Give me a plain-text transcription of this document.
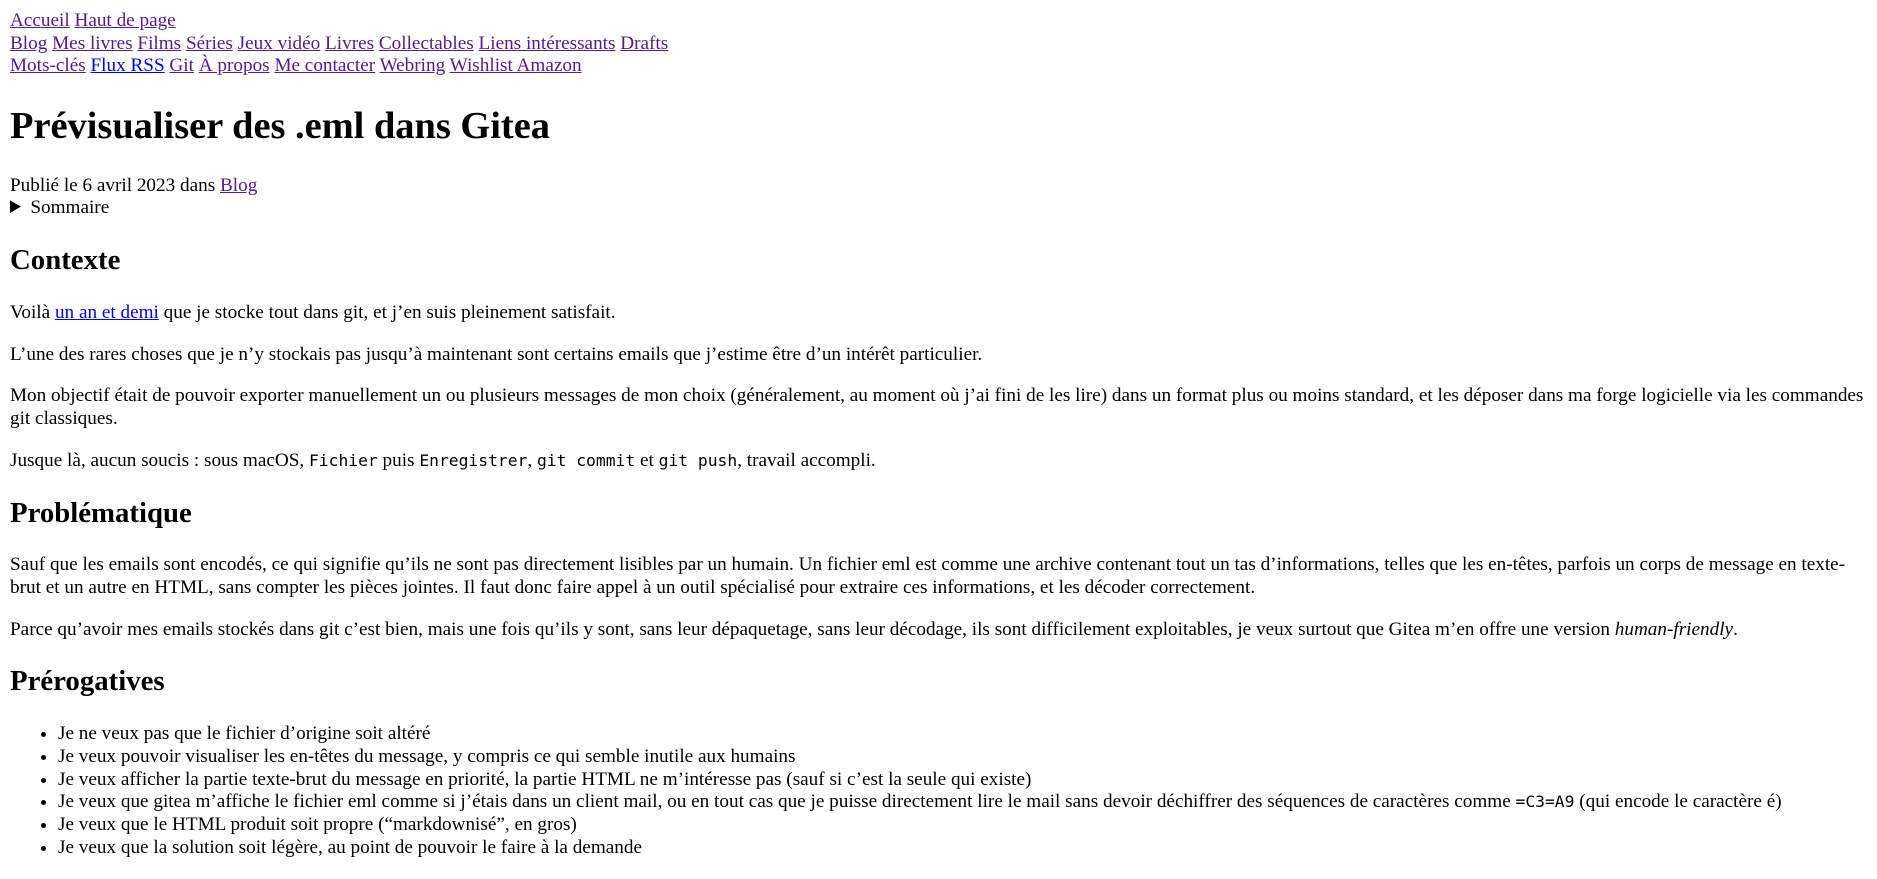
Accueil Haut de page
Blog Mes livres Films Séries Jeux vidéo Livres Collectables Liens intéressants Drafts
Mots-clés Flux RSS Git À propos Me contacter Webring Wishlist Amazon
Prévisualiser des .eml dans Gitea

Publié le 6 avril 2023 dans Blog

Sommaire
Contexte

Voilà un an et demi que je stocke tout dans git, et j’en suis pleinement satisfait.

L’une des rares choses que je n’y stockais pas jusqu’à maintenant sont certains emails que j’estime être d’un intérêt particulier.

Mon objectif était de pouvoir exporter manuellement un ou plusieurs messages de mon choix (généralement, au moment où j’ai fini de les lire) dans un format plus ou moins standard, et les déposer dans ma forge logicielle via les commandes git classiques.

Jusque là, aucun soucis : sous macOS, Fichier puis Enregistrer, git commit et git push, travail accompli.

Problématique

Sauf que les emails sont encodés, ce qui signifie qu’ils ne sont pas directement lisibles par un humain. Un fichier eml est comme une archive contenant tout un tas d’informations, telles que les en-têtes, parfois un corps de message en texte-brut et un autre en HTML, sans compter les pièces jointes. Il faut donc faire appel à un outil spécialisé pour extraire ces informations, et les décoder correctement.

Parce qu’avoir mes emails stockés dans git c’est bien, mais une fois qu’ils y sont, sans leur dépaquetage, sans leur décodage, ils sont difficilement exploitables, je veux surtout que Gitea m’en offre une version human-friendly.

Prérogatives
• Je ne veux pas que le fichier d’origine soit altéré
• Je veux pouvoir visualiser les en-têtes du message, y compris ce qui semble inutile aux humains
• Je veux afficher la partie texte-brut du message en priorité, la partie HTML ne m’intéresse pas (sauf si c’est la seule qui existe)
• Je veux que gitea m’affiche le fichier eml comme si j’étais dans un client mail, ou en tout cas que je puisse directement lire le mail sans devoir déchiffrer des séquences de caractères comme =C3=A9 (qui encode le caractère é)
• Je veux que le HTML produit soit propre (“markdownisé”, en gros)
• Je veux que la solution soit légère, au point de pouvoir le faire à la demande
